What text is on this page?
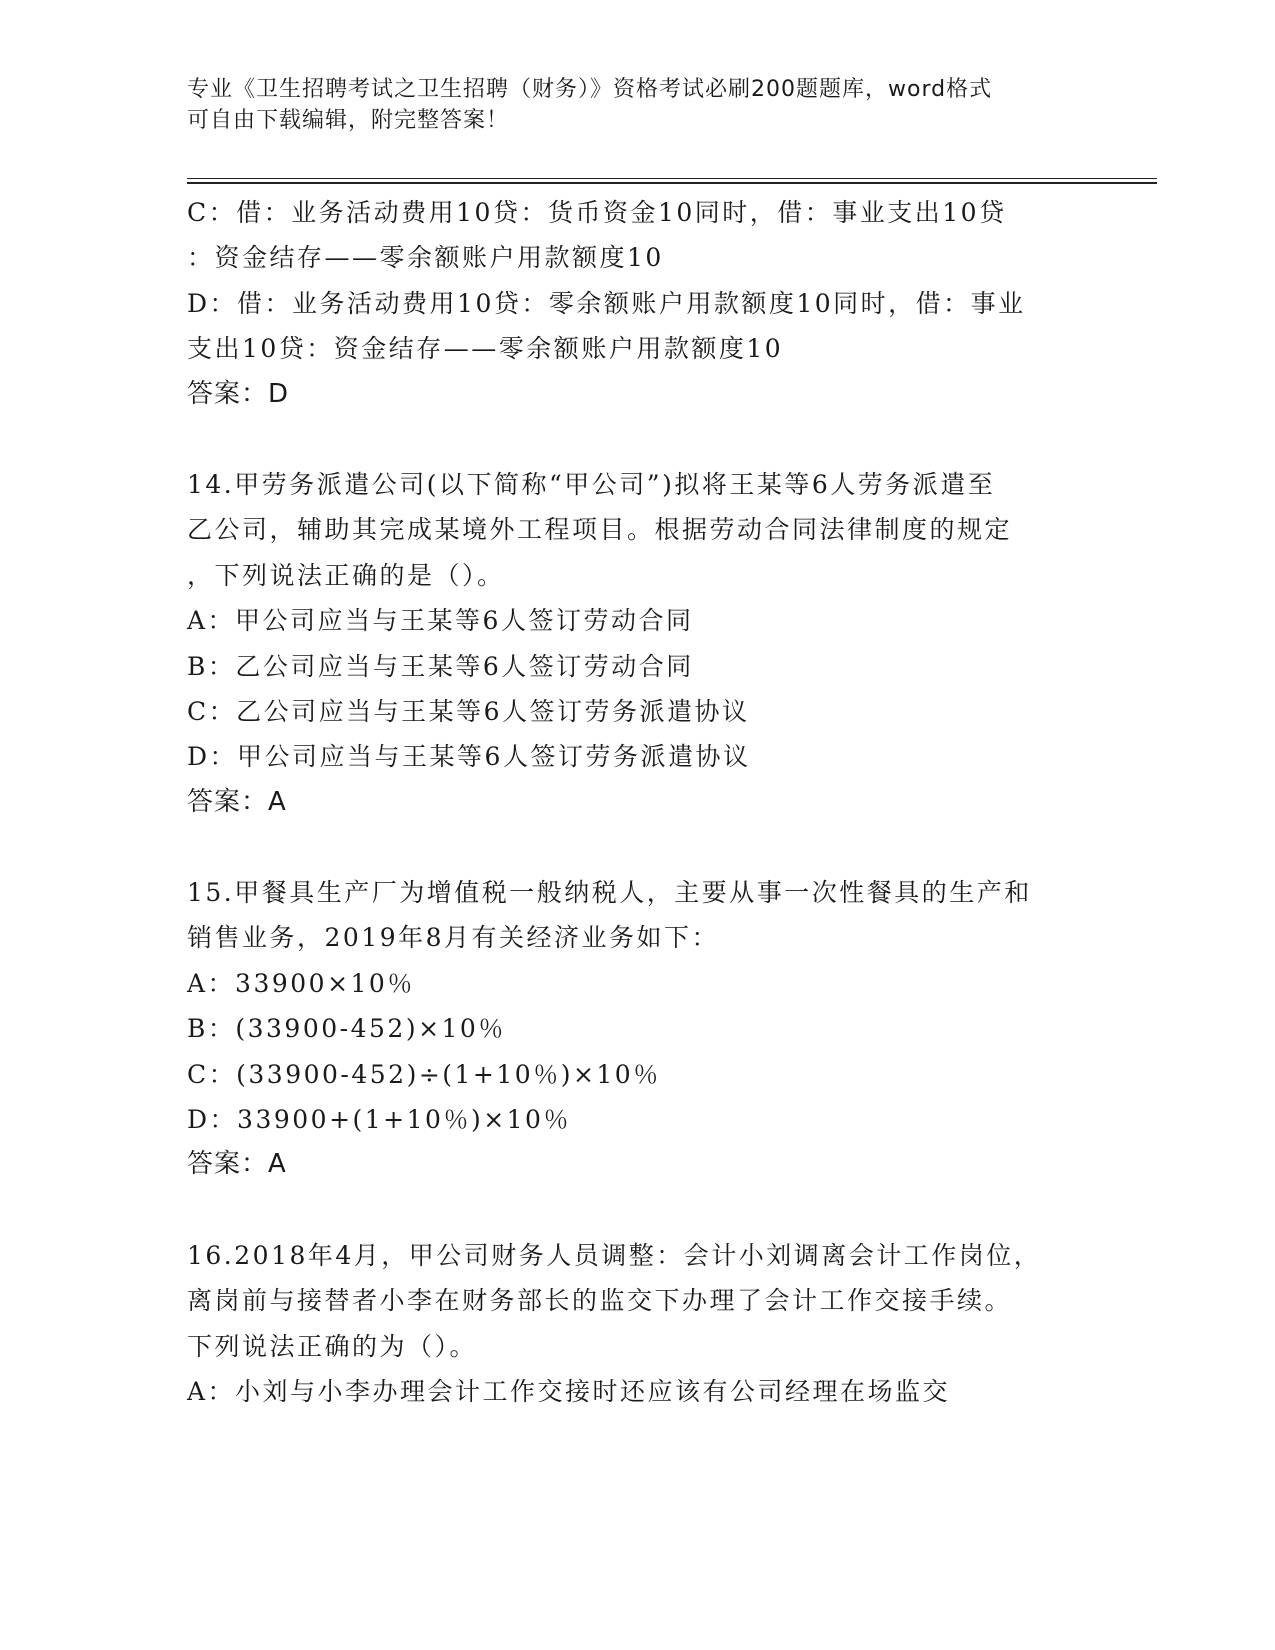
专业《卫生招聘考试之卫生招聘（财务）》资格考试必刷200题题库，word格式
可自由下载编辑，附完整答案！
C：借：业务活动费用10贷：货币资金10同时，借：事业支出10贷
：资金结存——零余额账户用款额度10
D：借：业务活动费用10贷：零余额账户用款额度10同时，借：事业
支出10贷：资金结存——零余额账户用款额度10
答案：D
14.甲劳务派遣公司(以下简称“甲公司”)拟将王某等6人劳务派遣至
乙公司，辅助其完成某境外工程项目。根据劳动合同法律制度的规定
，下列说法正确的是（）。
A：甲公司应当与王某等6人签订劳动合同
B：乙公司应当与王某等6人签订劳动合同
C：乙公司应当与王某等6人签订劳务派遣协议
D：甲公司应当与王某等6人签订劳务派遣协议
答案：A
15.甲餐具生产厂为增值税一般纳税人，主要从事一次性餐具的生产和
销售业务，2019年8月有关经济业务如下：
A：33900×10％
B：(33900-452)×10％
C：(33900-452)÷(1+10％)×10％
D：33900+(1+10％)×10％
答案：A
16.2018年4月，甲公司财务人员调整：会计小刘调离会计工作岗位，
离岗前与接替者小李在财务部长的监交下办理了会计工作交接手续。
下列说法正确的为（）。
A：小刘与小李办理会计工作交接时还应该有公司经理在场监交
